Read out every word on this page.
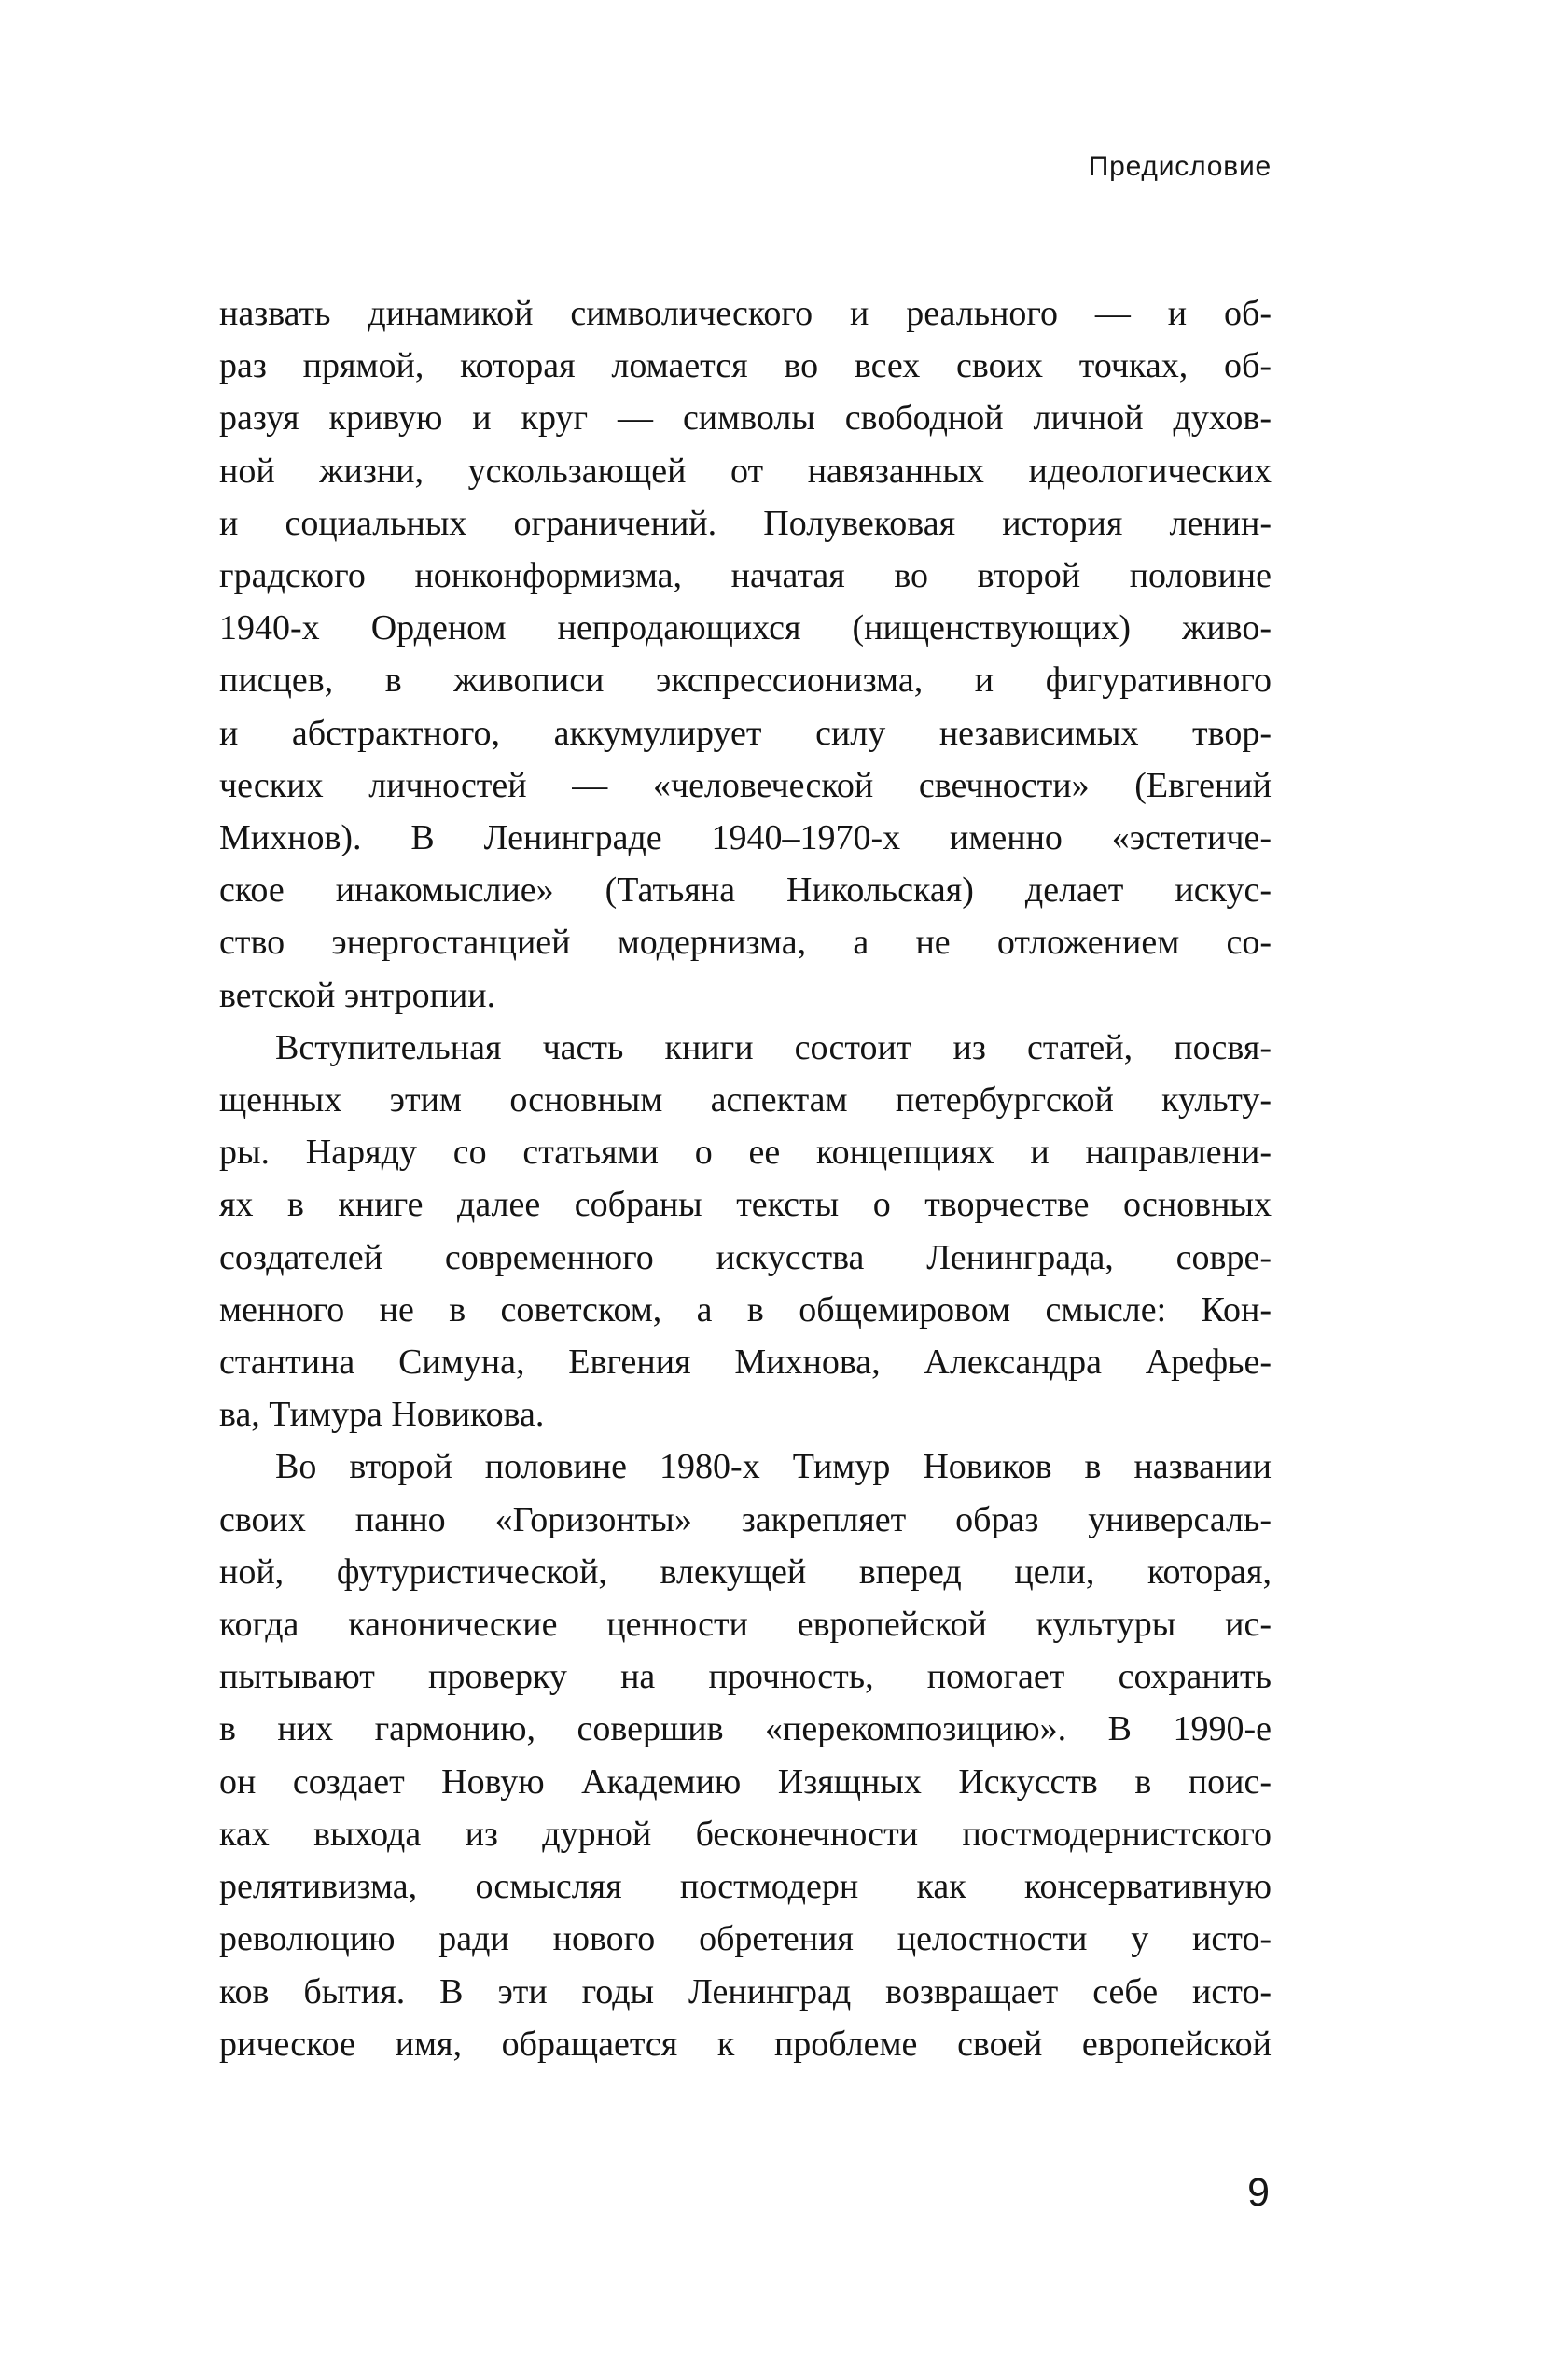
Предисловие
назвать динамикой символического и реального — и об-
раз прямой, которая ломается во всех своих точках, об-
разуя кривую и круг — символы свободной личной духов-
ной жизни, ускользающей от навязанных идеологических
и социальных ограничений. Полувековая история ленин-
градского нонконформизма, начатая во второй половине
1940-х Орденом непродающихся (нищенствующих) живо-
писцев, в живописи экспрессионизма, и фигуративного
и абстрактного, аккумулирует силу независимых твор-
ческих личностей — «человеческой свечности» (Евгений
Михнов). В Ленинграде 1940–1970-х именно «эстетиче-
ское инакомыслие» (Татьяна Никольская) делает искус-
ство энергостанцией модернизма, а не отложением со-
ветской энтропии.
Вступительная часть книги состоит из статей, посвя-
щенных этим основным аспектам петербургской культу-
ры. Наряду со статьями о ее концепциях и направлени-
ях в книге далее собраны тексты о творчестве основных
создателей современного искусства Ленинграда, совре-
менного не в советском, а в общемировом смысле: Кон-
стантина Симуна, Евгения Михнова, Александра Арефье-
ва, Тимура Новикова.
Во второй половине 1980-х Тимур Новиков в названии
своих панно «Горизонты» закрепляет образ универсаль-
ной, футуристической, влекущей вперед цели, которая,
когда канонические ценности европейской культуры ис-
пытывают проверку на прочность, помогает сохранить
в них гармонию, совершив «перекомпозицию». В 1990-е
он создает Новую Академию Изящных Искусств в поис-
ках выхода из дурной бесконечности постмодернистского
релятивизма, осмысляя постмодерн как консервативную
революцию ради нового обретения целостности у исто-
ков бытия. В эти годы Ленинград возвращает себе исто-
рическое имя, обращается к проблеме своей европейской
9
